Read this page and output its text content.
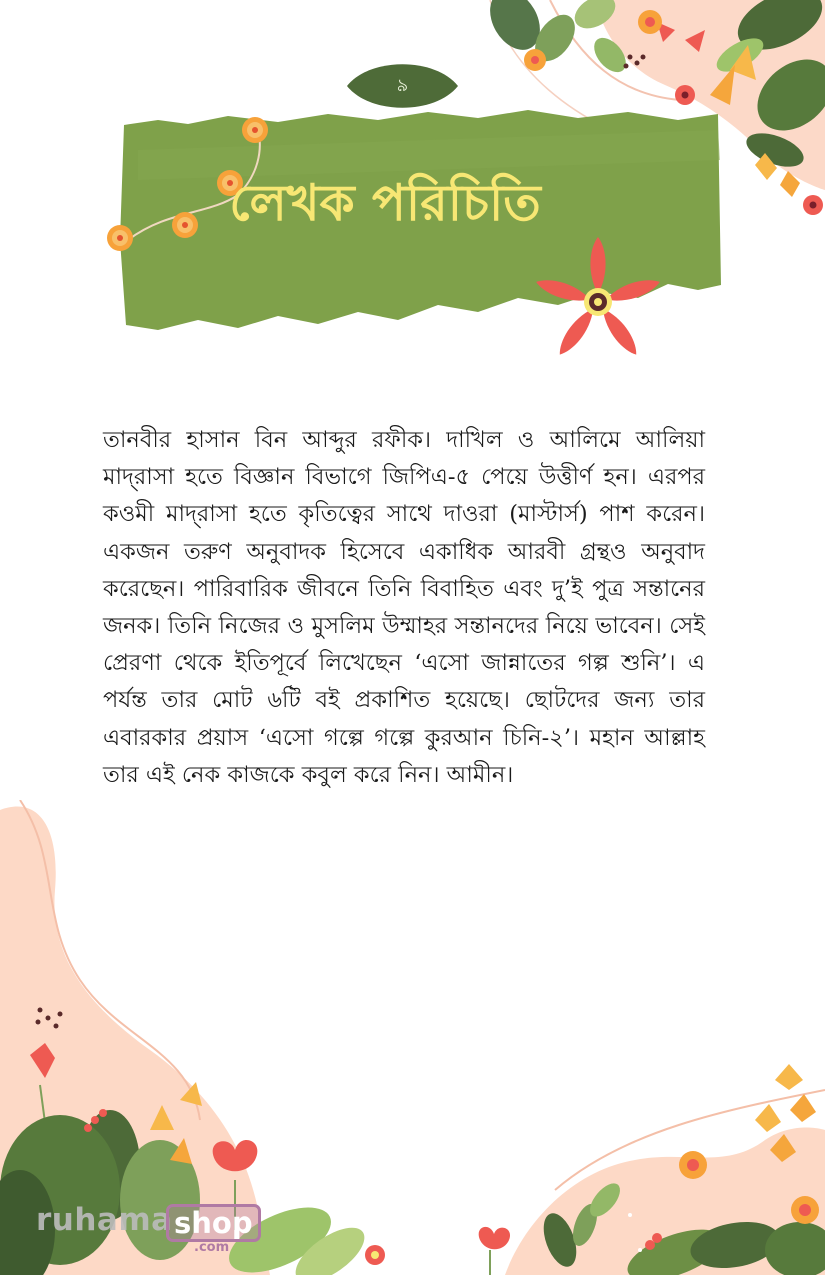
৯
লেখক পরিচিতি

তানবীর হাসান বিন আব্দুর রফীক। দাখিল ও আলিমে আলিয়া মাদ্‌রাসা হতে বিজ্ঞান বিভাগে জিপিএ-৫ পেয়ে উত্তীর্ণ হন। এরপর কওমী মাদ্‌রাসা হতে কৃতিত্বের সাথে দাওরা (মাস্টার্স) পাশ করেন। একজন তরুণ অনুবাদক হিসেবে একাধিক আরবী গ্রন্থও অনুবাদ করেছেন। পারিবারিক জীবনে তিনি বিবাহিত এবং দু’ই পুত্র সন্তানের জনক। তিনি নিজের ও মুসলিম উম্মাহর সন্তানদের নিয়ে ভাবেন। সেই প্রেরণা থেকে ইতিপূর্বে লিখেছেন ‘এসো জান্নাতের গল্প শুনি’। এ পর্যন্ত তার মোট ৬টি বই প্রকাশিত হয়েছে। ছোটদের জন্য তার এবারকার প্রয়াস ‘এসো গল্পে গল্পে কুরআন চিনি-২’। মহান আল্লাহ তার এই নেক কাজকে কবুল করে নিন। আমীন।

ruhama shop
.com
